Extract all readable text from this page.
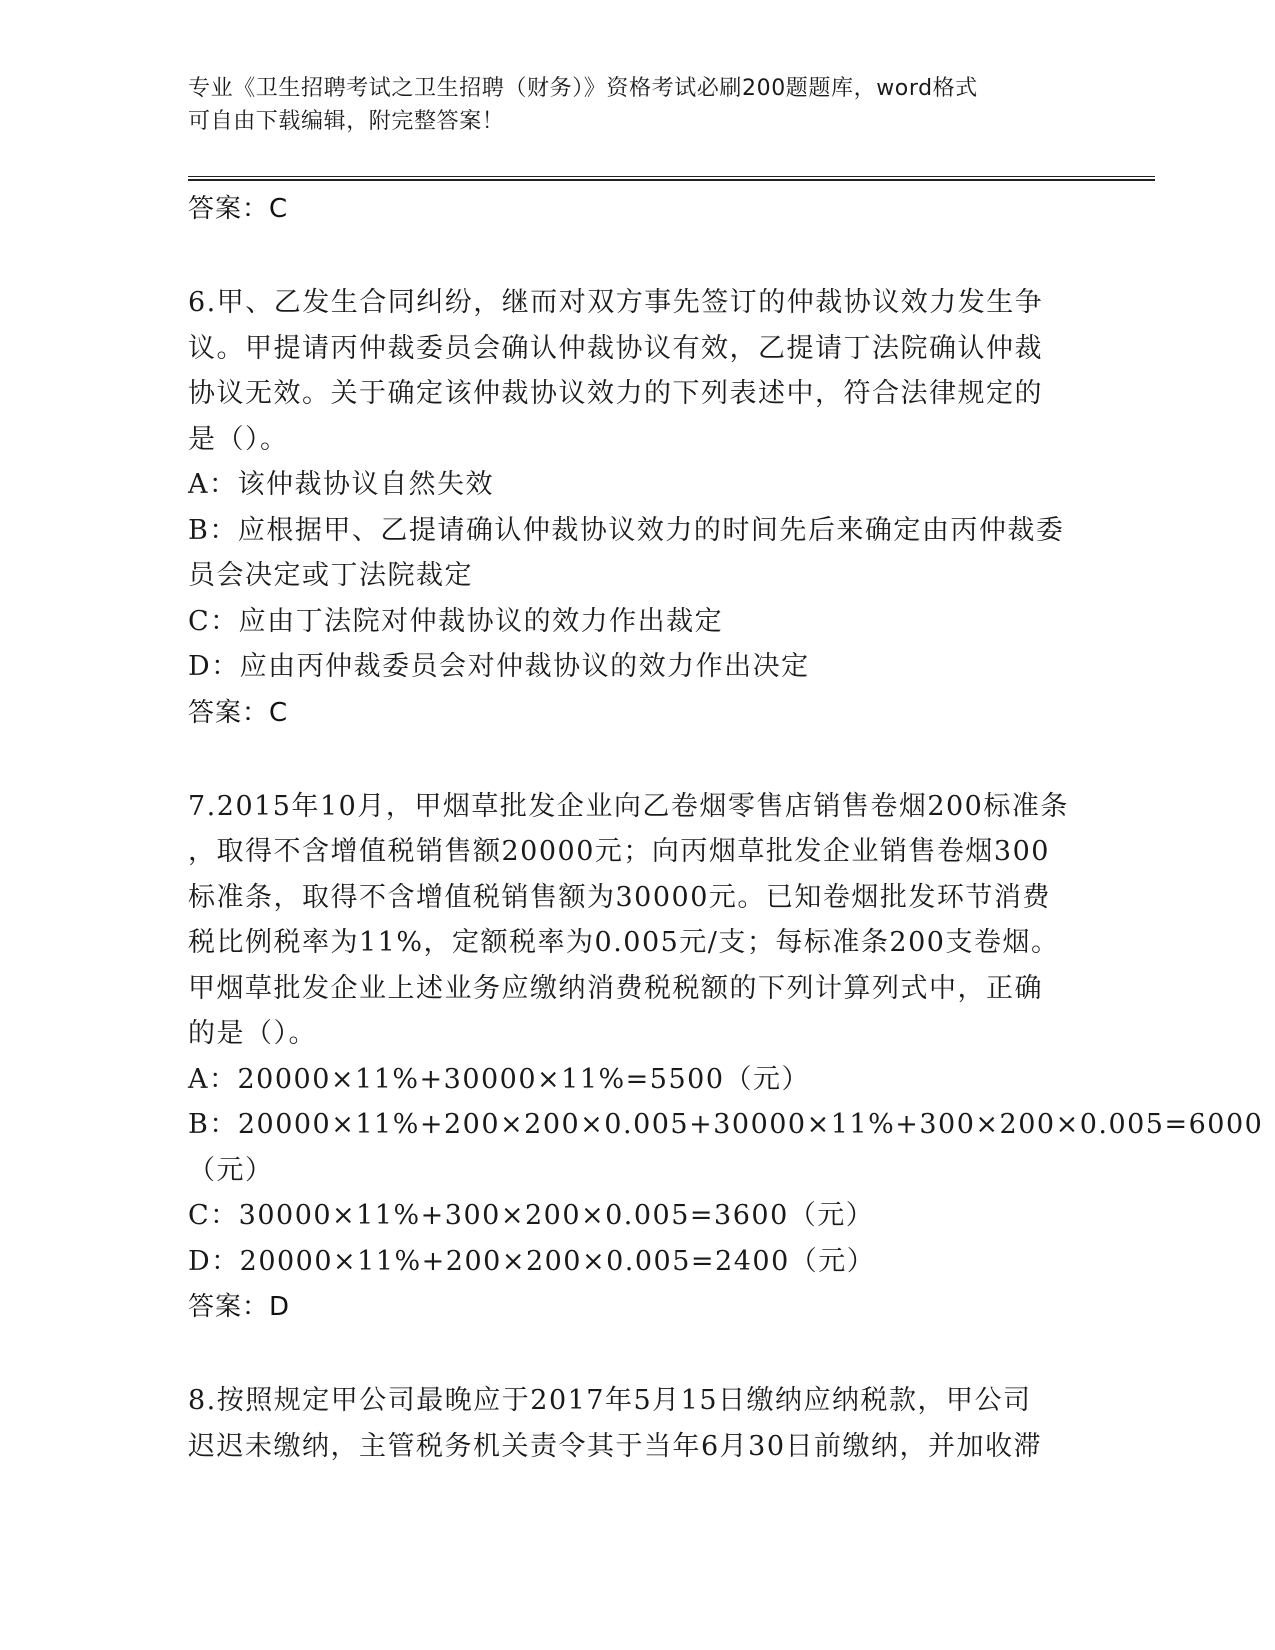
专业《卫生招聘考试之卫生招聘（财务）》资格考试必刷200题题库，word格式
可自由下载编辑，附完整答案！
答案：C
6.甲、乙发生合同纠纷，继而对双方事先签订的仲裁协议效力发生争
议。甲提请丙仲裁委员会确认仲裁协议有效，乙提请丁法院确认仲裁
协议无效。关于确定该仲裁协议效力的下列表述中，符合法律规定的
是（）。
A：该仲裁协议自然失效
B：应根据甲、乙提请确认仲裁协议效力的时间先后来确定由丙仲裁委
员会决定或丁法院裁定
C：应由丁法院对仲裁协议的效力作出裁定
D：应由丙仲裁委员会对仲裁协议的效力作出决定
答案：C
7.2015年10月，甲烟草批发企业向乙卷烟零售店销售卷烟200标准条
，取得不含增值税销售额20000元；向丙烟草批发企业销售卷烟300
标准条，取得不含增值税销售额为30000元。已知卷烟批发环节消费
税比例税率为11%，定额税率为0.005元/支；每标准条200支卷烟。
甲烟草批发企业上述业务应缴纳消费税税额的下列计算列式中，正确
的是（）。
A：20000×11%+30000×11%=5500（元）
B：20000×11%+200×200×0.005+30000×11%+300×200×0.005=6000
（元）
C：30000×11%+300×200×0.005=3600（元）
D：20000×11%+200×200×0.005=2400（元）
答案：D
8.按照规定甲公司最晚应于2017年5月15日缴纳应纳税款，甲公司
迟迟未缴纳，主管税务机关责令其于当年6月30日前缴纳，并加收滞
